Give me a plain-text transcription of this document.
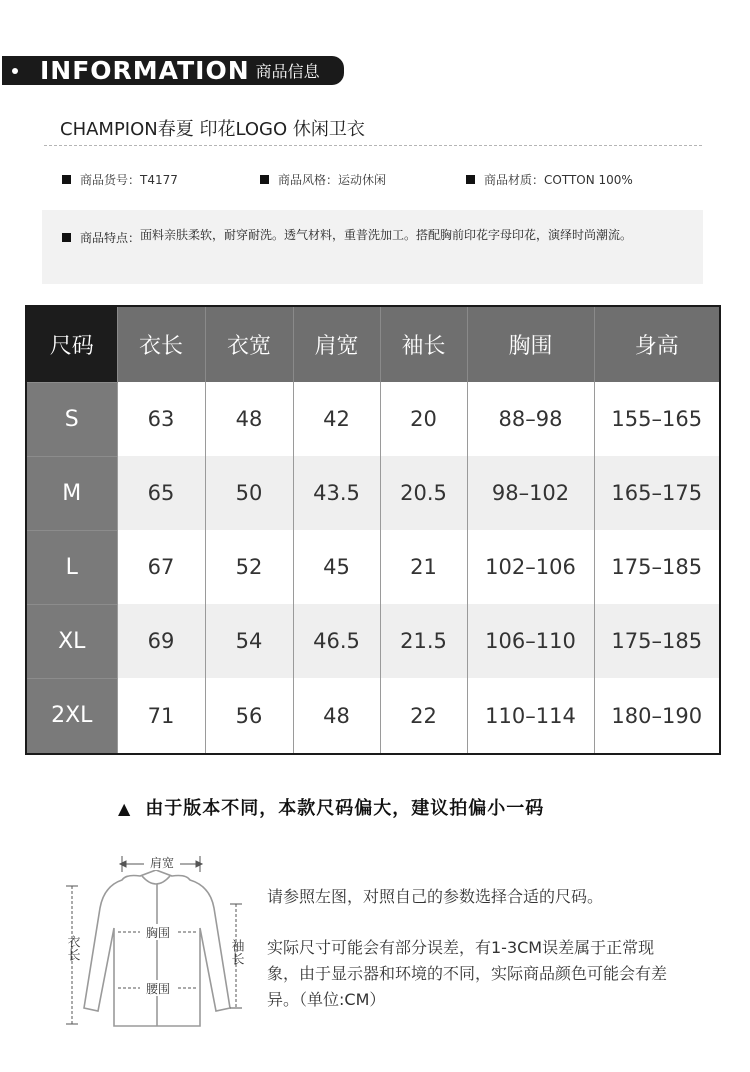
INFORMATION 商品信息
CHAMPION春夏 印花LOGO 休闲卫衣
商品货号：T4177	商品风格：运动休闲	商品材质：COTTON 100%
商品特点： 面料亲肤柔软，耐穿耐洗。透气材料，重普洗加工。搭配胸前印花字母印花，演绎时尚潮流。
尺码	衣长	衣宽	肩宽	袖长	胸围	身高
S	63	48	42	20	88–98	155–165
M	65	50	43.5	20.5	98–102	165–175
L	67	52	45	21	102–106	175–185
XL	69	54	46.5	21.5	106–110	175–185
2XL	71	56	48	22	110–114	180–190
▲ 由于版本不同，本款尺码偏大，建议拍偏小一码
肩宽
胸围
腰围
衣长	袖长
请参照左图，对照自己的参数选择合适的尺码。
实际尺寸可能会有部分误差，有1-3CM误差属于正常现象，由于显示器和环境的不同，实际商品颜色可能会有差异。（单位:CM）
